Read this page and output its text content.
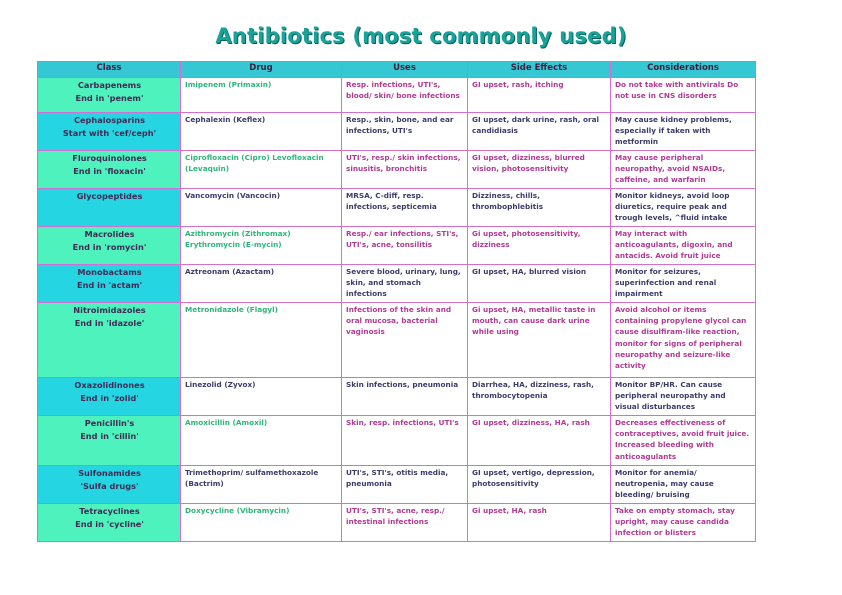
Antibiotics (most commonly used)
Class	Drug	Uses	Side Effects	Considerations

Carbapenems
End in 'penem'	Imipenem (Primaxin)	Resp. infections, UTI's, blood/ skin/ bone infections	GI upset, rash, itching	Do not take with antivirals Do not use in CNS disorders

Cephalosparins
Start with 'cef/ceph'	Cephalexin (Keflex)	Resp., skin, bone, and ear infections, UTI's	GI upset, dark urine, rash, oral candidiasis	May cause kidney problems, especially if taken with metformin

Fluroquinolones
End in 'floxacin'	Ciprofloxacin (Cipro) Levofloxacin (Levaquin)	UTI's, resp./ skin infections, sinusitis, bronchitis	GI upset, dizziness, blurred vision, photosensitivity	May cause peripheral neuropathy, avoid NSAIDs, caffeine, and warfarin

Glycopeptides	Vancomycin (Vancocin)	MRSA, C-diff, resp. infections, septicemia	Dizziness, chills, thrombophlebitis	Monitor kidneys, avoid loop diuretics, require peak and trough levels, ^fluid intake

Macrolides
End in 'romycin'	Azithromycin (Zithromax) Erythromycin (E-mycin)	Resp./ ear infections, STI's, UTI's, acne, tonsilitis	Gi upset, photosensitivity, dizziness	May interact with anticoagulants, digoxin, and antacids. Avoid fruit juice

Monobactams
End in 'actam'	Aztreonam (Azactam)	Severe blood, urinary, lung, skin, and stomach infections	GI upset, HA, blurred vision	Monitor for seizures, superinfection and renal impairment

Nitroimidazoles
End in 'idazole'	Metronidazole (Flagyl)	Infections of the skin and oral mucosa, bacterial vaginosis	Gi upset, HA, metallic taste in mouth, can cause dark urine while using	Avoid alcohol or items containing propylene glycol can cause disulfiram-like reaction, monitor for signs of peripheral neuropathy and seizure-like activity

Oxazolidinones
End in 'zolid'	Linezolid (Zyvox)	Skin infections, pneumonia	Diarrhea, HA, dizziness, rash, thrombocytopenia	Monitor BP/HR. Can cause peripheral neuropathy and visual disturbances

Penicillin's
End in 'cillin'	Amoxicillin (Amoxil)	Skin, resp. infections, UTI's	GI upset, dizziness, HA, rash	Decreases effectiveness of contraceptives, avoid fruit juice. Increased bleeding with anticoagulants

Sulfonamides
'Sulfa drugs'	Trimethoprim/ sulfamethoxazole (Bactrim)	UTI's, STI's, otitis media, pneumonia	GI upset, vertigo, depression, photosensitivity	Monitor for anemia/ neutropenia, may cause bleeding/ bruising

Tetracyclines
End in 'cycline'	Doxycycline (Vibramycin)	UTI's, STI's, acne, resp./ intestinal infections	Gi upset, HA, rash	Take on empty stomach, stay upright, may cause candida infection or blisters
